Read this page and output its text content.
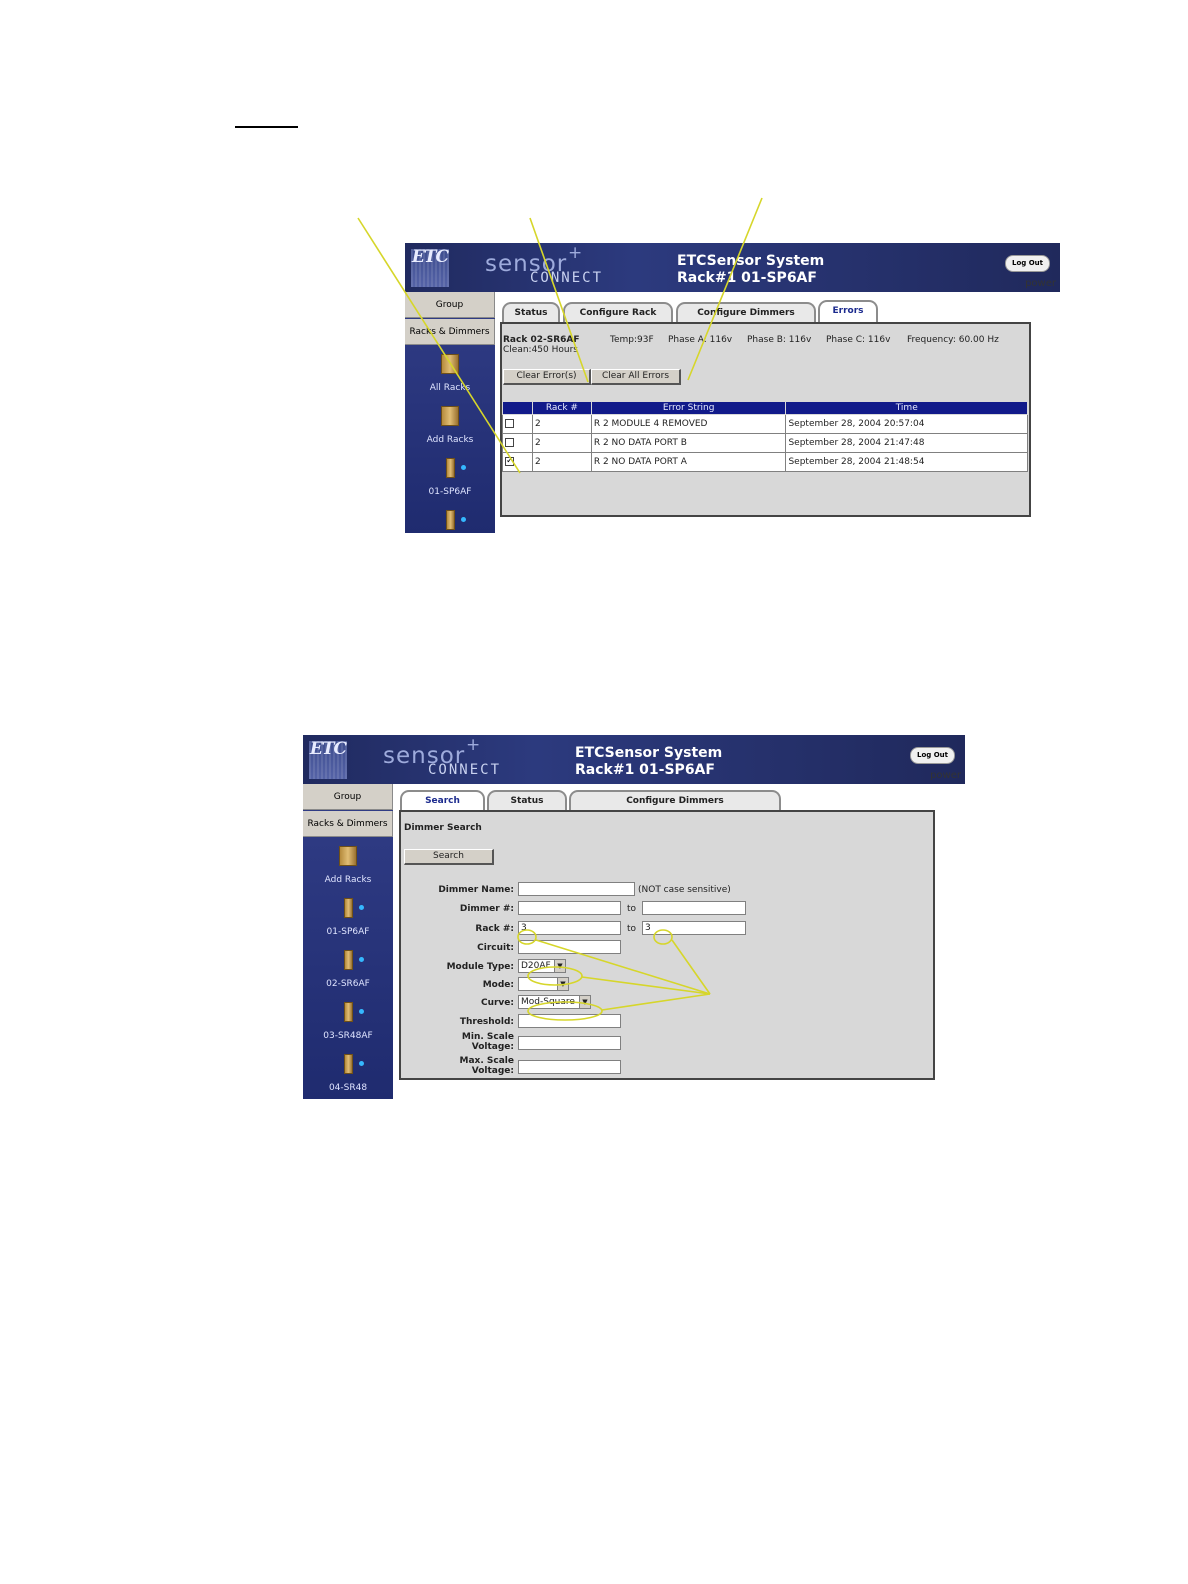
ETC sensor +
CONNECT
ETCSensor System
Rack#1 01-SP6AF
Log Out
power
Group
Racks & Dimmers
All Racks
Add Racks
01-SP6AF
Status	Configure Rack	Configure Dimmers	Errors
Rack 02-SR6AF
Clean:450 Hours
Temp:93F Phase A: 116v Phase B: 116v Phase C: 116v Frequency: 60.00 Hz
Clear Error(s)	Clear All Errors
	Rack #	Error String	Time
	2	R 2 MODULE 4 REMOVED	September 28, 2004 20:57:04
	2	R 2 NO DATA PORT B	September 28, 2004 21:47:48
✓	2	R 2 NO DATA PORT A	September 28, 2004 21:48:54
ETC sensor +
CONNECT
ETCSensor System
Rack#1 01-SP6AF
Log Out
power
Group
Racks & Dimmers
Add Racks
01-SP6AF
02-SR6AF
03-SR48AF
04-SR48
Search	Status	Configure Dimmers
Dimmer Search
Search
Dimmer Name:	(NOT case sensitive)
Dimmer #:	to
Rack #: 3	to 3
Circuit:
Module Type: D20AF ▼
Mode:	▼
Curve: Mod-Square	▼
Threshold:
Min. Scale
Voltage:
Max. Scale
Voltage:
